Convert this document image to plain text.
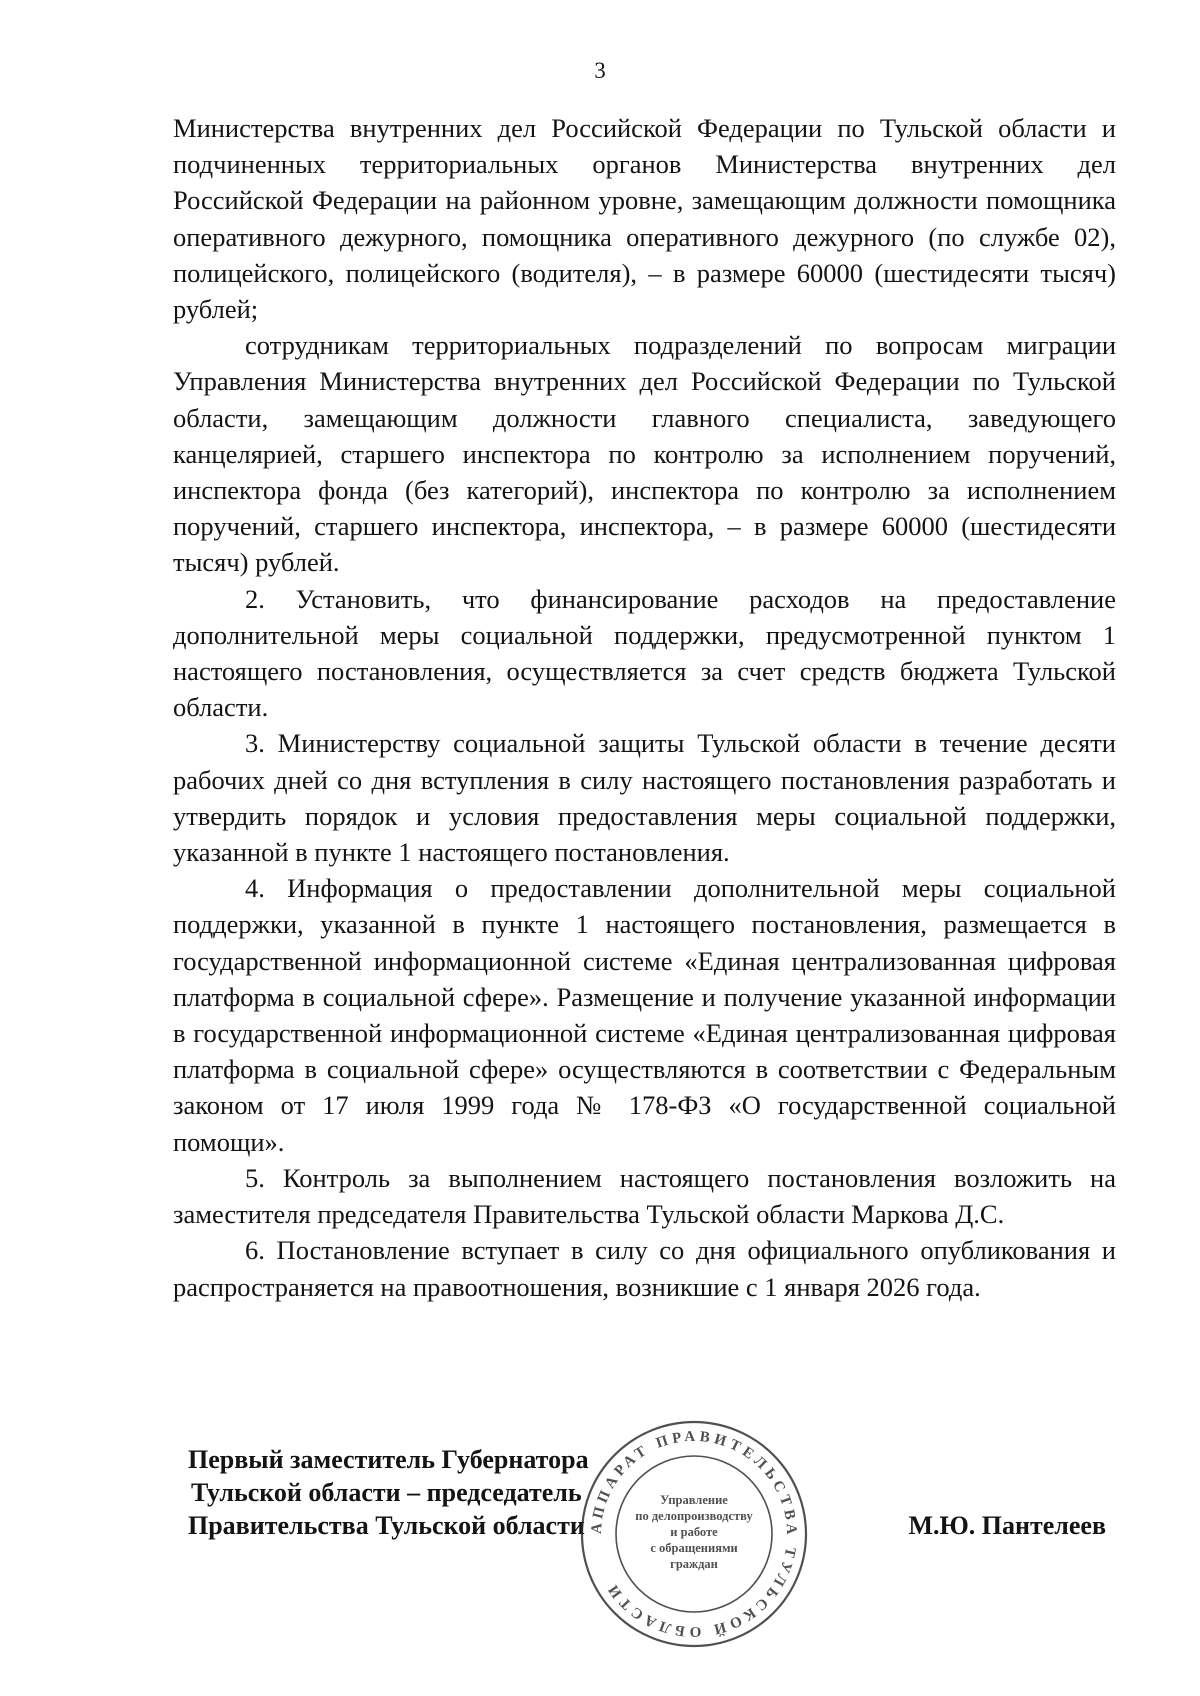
3

Министерства внутренних дел Российской Федерации по Тульской области и подчиненных территориальных органов Министерства внутренних дел Российской Федерации на районном уровне, замещающим должности помощника оперативного дежурного, помощника оперативного дежурного (по службе 02), полицейского, полицейского (водителя), – в размере 60000 (шестидесяти тысяч) рублей;

сотрудникам территориальных подразделений по вопросам миграции Управления Министерства внутренних дел Российской Федерации по Тульской области, замещающим должности главного специалиста, заведующего канцелярией, старшего инспектора по контролю за исполнением поручений, инспектора фонда (без категорий), инспектора по контролю за исполнением поручений, старшего инспектора, инспектора, – в размере 60000 (шестидесяти тысяч) рублей.

2. Установить, что финансирование расходов на предоставление дополнительной меры социальной поддержки, предусмотренной пунктом 1 настоящего постановления, осуществляется за счет средств бюджета Тульской области.

3. Министерству социальной защиты Тульской области в течение десяти рабочих дней со дня вступления в силу настоящего постановления разработать и утвердить порядок и условия предоставления меры социальной поддержки, указанной в пункте 1 настоящего постановления.

4. Информация о предоставлении дополнительной меры социальной поддержки, указанной в пункте 1 настоящего постановления, размещается в государственной информационной системе «Единая централизованная цифровая платформа в социальной сфере». Размещение и получение указанной информации в государственной информационной системе «Единая централизованная цифровая платформа в социальной сфере» осуществляются в соответствии с Федеральным законом от 17 июля 1999 года № 178-ФЗ «О государственной социальной помощи».

5. Контроль за выполнением настоящего постановления возложить на заместителя председателя Правительства Тульской области Маркова Д.С.

6. Постановление вступает в силу со дня официального опубликования и распространяется на правоотношения, возникшие с 1 января 2026 года.

Первый заместитель Губернатора
Тульской области – председатель
Правительства Тульской области	М.Ю. Пантелеев
АППАРАТ ПРАВИТЕЛЬСТВА ТУЛЬСКОЙ ОБЛАСТИ
Управление
по делопроизводству
и работе
с обращениями
граждан
